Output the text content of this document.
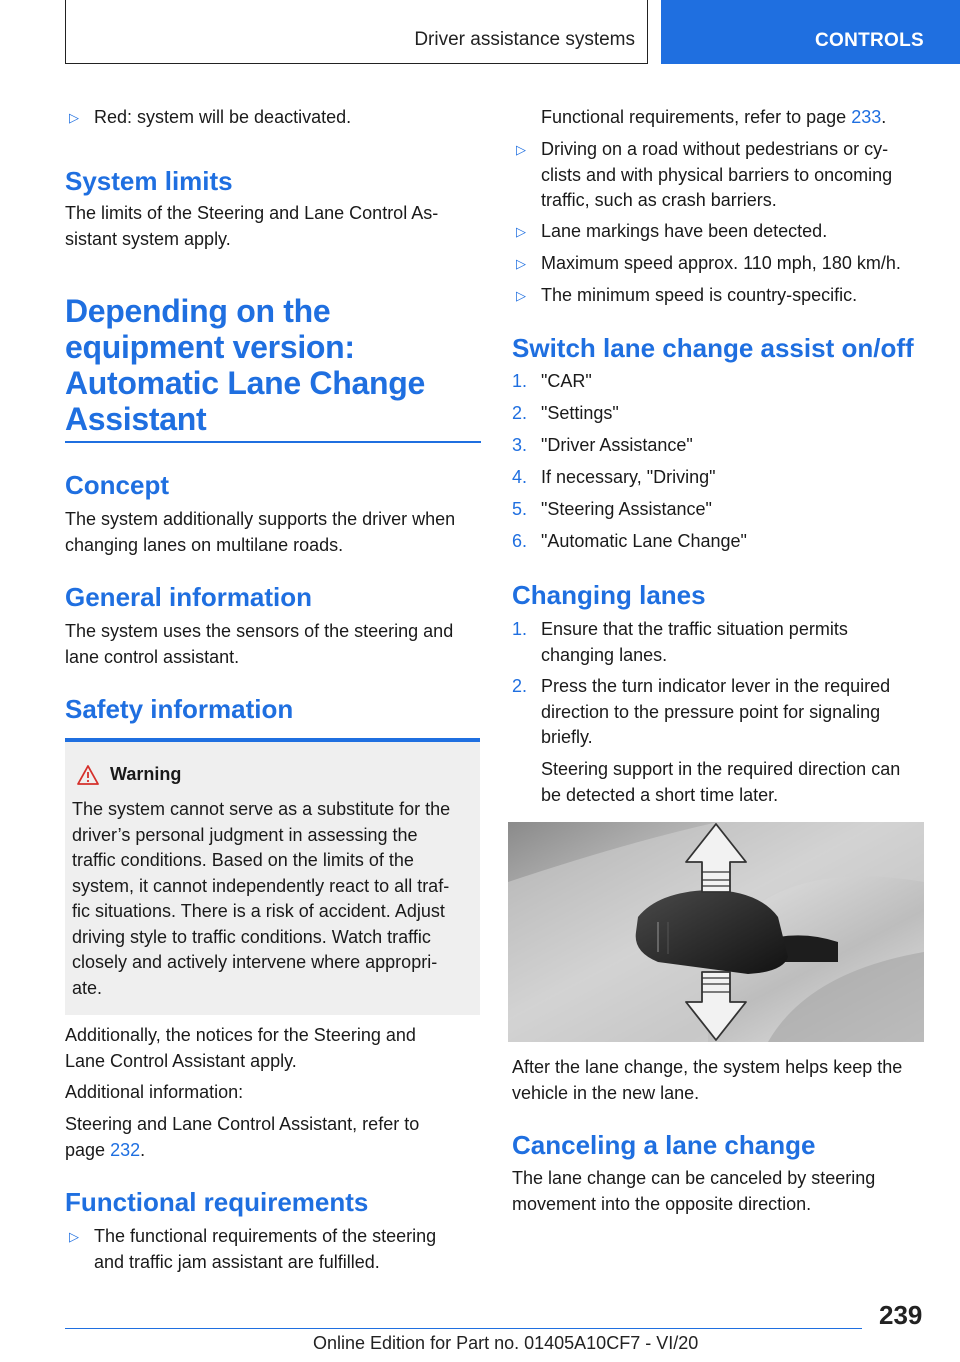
Driver assistance systems	CONTROLS
▷ Red: system will be deactivated.
System limits

The limits of the Steering and Lane Control As-
sistant system apply.

Depending on the
equipment version:
Automatic Lane Change
Assistant
Concept

The system additionally supports the driver when
changing lanes on multilane roads.

General information

The system uses the sensors of the steering and
lane control assistant.

Safety information
Warning

The system cannot serve as a substitute for the
driver’s personal judgment in assessing the
traffic conditions. Based on the limits of the
system, it cannot independently react to all traf-
fic situations. There is a risk of accident. Adjust
driving style to traffic conditions. Watch traffic
closely and actively intervene where appropri-
ate.

Additionally, the notices for the Steering and
Lane Control Assistant apply.

Additional information:

Steering and Lane Control Assistant, refer to
page 232.

Functional requirements
▷ The functional requirements of the steering
and traffic jam assistant are fulfilled.

Functional requirements, refer to page 233.

▷ Driving on a road without pedestrians or cy-
clists and with physical barriers to oncoming
traffic, such as crash barriers.
▷ Lane markings have been detected.
▷ Maximum speed approx. 110 mph, 180 km/h.
▷ The minimum speed is country-specific.
Switch lane change assist on/off
1. "CAR"
2. "Settings"
3. "Driver Assistance"
4. If necessary, "Driving"
5. "Steering Assistance"
6. "Automatic Lane Change"
Changing lanes
1. Ensure that the traffic situation permits
changing lanes.
2. Press the turn indicator lever in the required
direction to the pressure point for signaling
briefly.

Steering support in the required direction can
be detected a short time later.

After the lane change, the system helps keep the
vehicle in the new lane.

Canceling a lane change

The lane change can be canceled by steering
movement into the opposite direction.

239
Online Edition for Part no. 01405A10CF7 - VI/20
